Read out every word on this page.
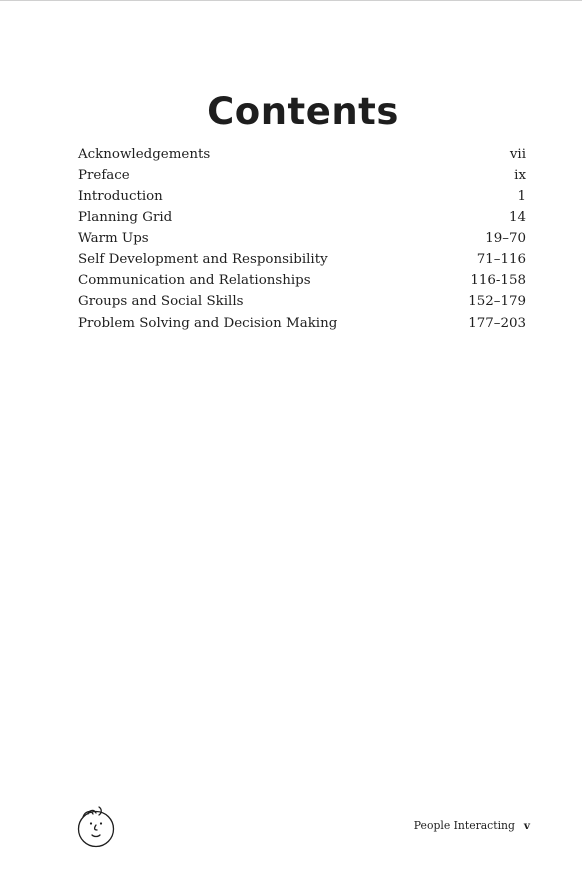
Contents
Acknowledgements	vii
Preface	ix
Introduction	1
Planning Grid	14
Warm Ups	19–70
Self Development and Responsibility	71–116
Communication and Relationships	116-158
Groups and Social Skills	152–179
Problem Solving and Decision Making	177–203
People Interacting v
